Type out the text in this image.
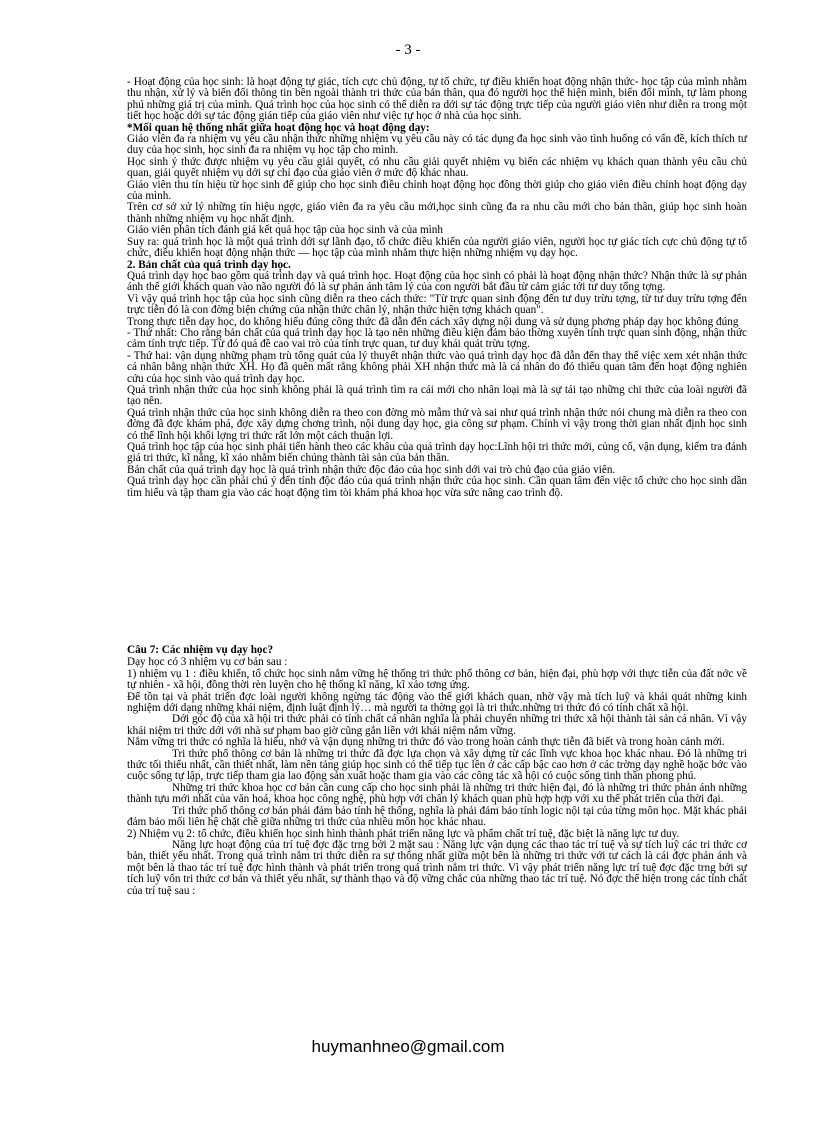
- 3 -

- Hoạt động của học sinh: là hoạt động tự giác, tích cực chủ động, tự tổ chức, tự điều khiển hoạt động nhận thức- học tập của mình nhằm thu nhận, xử lý và biến đổi thông tin bên ngoài thành tri thức của bản thân, qua đó người học thể hiện mình, biến đổi mình, tự làm phong phú những giá trị của mình. Quá trình học của học sinh có thể diễn ra dới sự tác động trực tiếp của người giáo viên như diễn ra trong một tiết học hoặc dới sự tác động gián tiếp của giáo viên như việc tự học ở nhà của học sinh.

*Mối quan hệ thống nhất giữa hoạt động học và hoạt động dạy:

Giáo viên đa ra nhiệm vụ yêu cầu nhận thức những nhiệm vụ yêu cầu này có tác dụng đa học sinh vào tình huống có vấn đề, kích thích tư duy của học sinh, học sinh đa ra nhiệm vụ học tập cho mình.

Học sinh ý thức được nhiệm vụ yêu cầu giải quyết, có nhu cầu giải quyết nhiệm vụ biến các nhiệm vụ khách quan thành yêu cầu chủ quan, giải quyết nhiệm vụ dới sự chỉ đạo của giáo viên ở mức độ khác nhau.

Giáo viên thu tín hiệu từ học sinh để giúp cho học sinh điều chỉnh hoạt động học đồng thời giúp cho giáo viên điều chỉnh hoạt động dạy của mình.

Trên cơ sở xử lý những tín hiệu ngợc, giáo viên đa ra yêu cầu mới,học sinh cũng đa ra nhu cầu mới cho bản thân, giúp học sinh hoàn thành những nhiệm vụ học nhất định.

Giáo viên phân tích đánh giá kết quả học tập của học sinh và của mình

Suy ra: quá trình học là một quá trình dới sự lãnh đạo, tổ chức điều khiển của người giáo viên, người học tự giác tích cực chủ động tự tổ chức, điều khiển hoạt động nhận thức — học tập của mình nhằm thực hiện những nhiệm vụ dạy học.

2. Bản chất của quá trình dạy học.

Quá trình dạy học bao gồm quá trình dạy và quá trình học. Hoạt động của học sinh có phải là hoạt động nhận thức? Nhận thức là sự phản ánh thế giới khách quan vào não người đó là sự phản ánh tâm lý của con người bắt đầu từ cảm giác tới tư duy tổng tợng.

Vì vậy quá trình học tập của học sinh cũng diễn ra theo cách thức: "Từ trực quan sinh động đến tư duy trừu tợng, từ tư duy trừu tợng đến trực tiễn đó là con đờng biện chứng của nhận thức chân lý, nhận thức hiện tợng khách quan".

Trong thực tiễn dạy học, do không hiểu đúng công thức đã dẫn đến cách xây dựng nội dung và sử dụng phơng pháp dạy học không đúng

- Thứ nhất: Cho rằng bản chất của quá trình dạy học là tạo nên những điều kiện đảm bảo thờng xuyên tính trực quan sinh động, nhận thức cảm tính trực tiếp. Từ đó quá đề cao vai trò của tính trực quan, tư duy khái quát trừu tợng.

- Thứ hai: vận dụng những phạm trù tổng quát của lý thuyết nhận thức vào quá trình dạy học đã dẫn đến thay thế việc xem xét nhận thức cá nhân bằng nhận thức XH. Họ đã quên mất rằng không phải XH nhận thức mà là cá nhân do đó thiếu quan tâm đến hoạt động nghiên cứu của học sinh vào quá trình dạy học.

Quá trình nhận thức của học sinh không phải là quá trình tìm ra cái mới cho nhân loại mà là sự tái tạo những chi thức của loài người đã tạo nên.

Quá trình nhận thức của học sinh không diễn ra theo con đờng mò mẫm thử và sai như quá trình nhận thức nói chung mà diễn ra theo con đờng đã đợc khám phá, đợc xây dựng chơng trình, nội dung dạy học, gia công sư phạm. Chính vì vậy trong thời gian nhất định học sinh có thể lĩnh hội khối lợng tri thức rất lớn một cách thuận lợi.

Quá trình học tập của học sinh phải tiến hành theo các khâu của quá trình dạy học:Lĩnh hội tri thức mới, củng cố, vận dụng, kiểm tra đánh giá tri thức, kĩ năng, kĩ xảo nhằm biến chúng thành tài sản của bản thân.

Bản chất của quá trình dạy học là quá trình nhận thức độc đáo của học sinh dới vai trò chủ đạo của giáo viên.

Quá trình dạy học cần phải chú ý đến tính độc đáo của quá trình nhận thức của học sinh. Cần quan tâm đến việc tổ chức cho học sinh dần tìm hiểu và tập tham gia vào các hoạt động tìm tòi khám phá khoa học vừa sức nâng cao trình độ.

Câu 7: Các nhiệm vụ dạy học?

Dạy học có 3 nhiệm vụ cơ bản sau :

1) nhiệm vụ 1 : điều khiển, tổ chức học sinh nắm vững hệ thống tri thức phổ thông cơ bản, hiện đại, phù hợp với thực tiễn của đất nớc về tự nhiên - xã hội, đồng thời rèn luyện cho hệ thống kĩ năng, kĩ xảo tơng ứng.

Để tồn tại và phát triển đợc loài người không ngừng tác động vào thế giới khách quan, nhờ vậy mà tích luỹ và khái quát những kinh nghiệm dới dạng những khái niệm, định luật định lý… mà người ta thờng gọi là tri thức.những tri thức đó có tính chất xã hội.

Dới góc độ của xã hội tri thức phải có tính chất cá nhân nghĩa là phải chuyển những tri thức xã hội thành tài sản cá nhân. Vì vậy khái niệm tri thức dới với nhà sư phạm bao giờ cũng gắn liền với khái niệm nắm vững.

Nắm vững tri thức có nghĩa là hiểu, nhớ và vận dụng những tri thức đó vào trong hoàn cảnh thực tiễn đã biết và trong hoàn cảnh mới.

Tri thức phổ thông cơ bản là những tri thức đã đợc lựa chọn và xây dựng từ các lĩnh vực khoa học khác nhau. Đó là những tri thức tối thiểu nhất, cần thiết nhất, làm nền tảng giúp học sinh có thể tiếp tục lên ở các cấp bậc cao hơn ở các trờng dạy nghề hoặc bớc vào cuộc sống tự lập, trực tiếp tham gia lao động sản xuất hoặc tham gia vào các công tác xã hội có cuộc sống tinh thần phong phú.

Những tri thức khoa học cơ bản cần cung cấp cho học sinh phải là những tri thức hiện đại, đó là những tri thức phản ánh những thành tựu mới nhất của văn hoá, khoa học công nghệ, phù hợp với chân lý khách quan phù hợp hợp với xu thế phát triển của thời đại.

Tri thức phổ thông cơ bản phải đảm bảo tính hệ thống, nghĩa là phải đảm bảo tính logic nội tại của từng môn học. Mặt khác phải đảm bảo mối liên hệ chặt chẽ giữa những tri thức của nhiều môn học khác nhau.

2) Nhiệm vụ 2: tổ chức, điều khiển học sinh hình thành phát triển năng lực và phẩm chất trí tuệ, đặc biệt là năng lực tư duy.

Năng lực hoạt động của trí tuệ đợc đặc trng bởi 2 mặt sau : Năng lực vận dụng các thao tác trí tuệ và sự tích luỹ các tri thức cơ bản, thiết yếu nhất. Trong quá trình nắm tri thức diễn ra sự thống nhất giữa một bên là những tri thức với tư cách là cái đợc phản ánh và một bên là thao tác trí tuệ đợc hình thành và phát triển trong quá trình nắm tri thức. Vì vậy phát triển năng lực trí tuệ đợc đặc trng bởi sự tích luỹ vốn tri thức cơ bản và thiết yếu nhất, sự thành thạo và độ vững chắc của những thao tác trí tuệ. Nó đợc thể hiện trong các tính chất của trí tuệ sau :

huymanhneo@gmail.com
